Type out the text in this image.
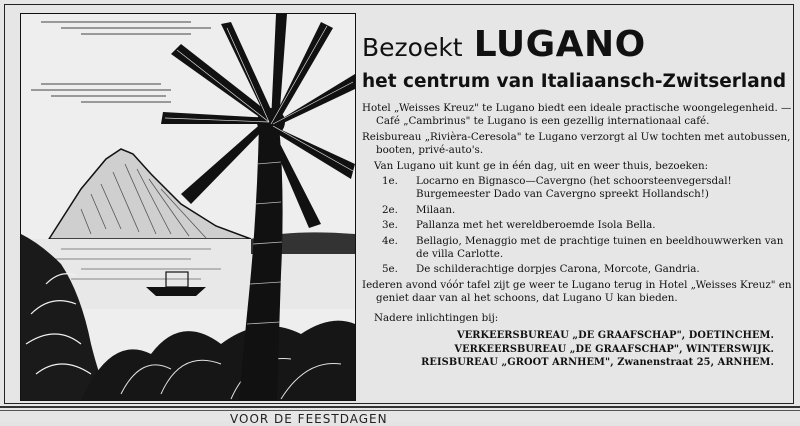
Bezoekt LUGANO
het centrum van Italiaansch-Zwitserland
Hotel „Weisses Kreuz" te Lugano biedt een ideale practische woongelegenheid. — Café „Cambrinus" te Lugano is een gezellig internationaal café.
Reisbureau „Rivièra-Ceresola" te Lugano verzorgt al Uw tochten met autobussen, booten, privé-auto's.
Van Lugano uit kunt ge in één dag, uit en weer thuis, bezoeken:
1e.	Locarno en Bignasco—Cavergno (het schoorsteenvegersdal! Burgemeester Dado van Cavergno spreekt Hollandsch!)
2e.	Milaan.
3e.	Pallanza met het wereldberoemde Isola Bella.
4e.	Bellagio, Menaggio met de prachtige tuinen en beeldhouwwerken van de villa Carlotte.
5e.	De schilderachtige dorpjes Carona, Morcote, Gandria.
Iederen avond vóór tafel zijt ge weer te Lugano terug in Hotel „Weisses Kreuz" en geniet daar van al het schoons, dat Lugano U kan bieden.
Nadere inlichtingen bij:
VERKEERSBUREAU „DE GRAAFSCHAP", DOETINCHEM.
VERKEERSBUREAU „DE GRAAFSCHAP", WINTERSWIJK.
REISBUREAU „GROOT ARNHEM", Zwanenstraat 25, ARNHEM.
VOOR DE FEESTDAGEN
